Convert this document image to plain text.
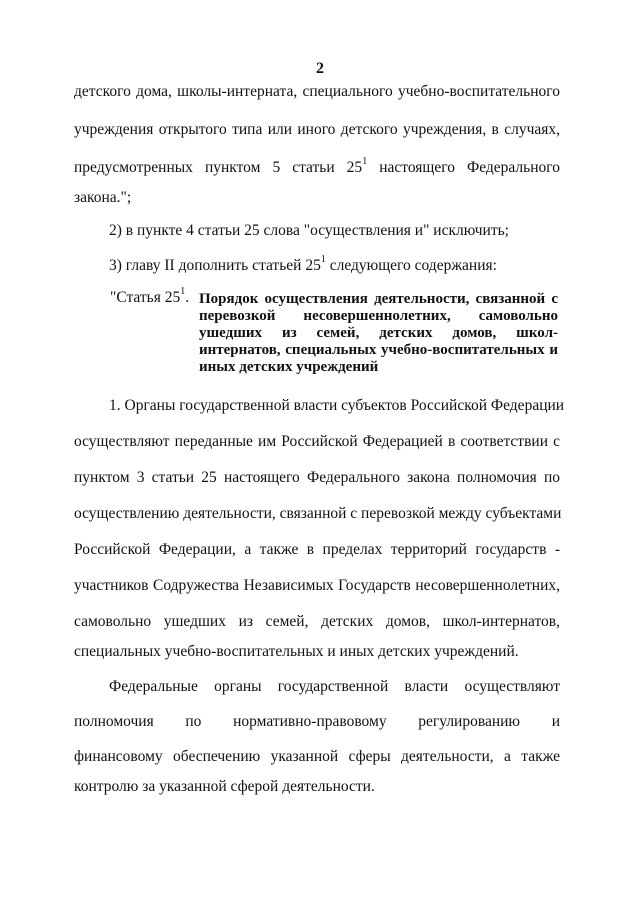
2
детского дома, школы-интерната, специального учебно-воспитательного
учреждения открытого типа или иного детского учреждения, в случаях,
предусмотренных пунктом 5 статьи $25^1$ настоящего Федерального
закона.";
2) в пункте 4 статьи 25 слова "осуществления и" исключить;
3) главу II дополнить статьей $25^1$ следующего содержания:
"Статья $25^1$. Порядок осуществления деятельности, связанной с
перевозкой несовершеннолетних, самовольно
ушедших из семей, детских домов, школ-
интернатов, специальных учебно-воспитательных и
иных детских учреждений
1. Органы государственной власти субъектов Российской Федерации
осуществляют переданные им Российской Федерацией в соответствии с
пунктом 3 статьи 25 настоящего Федерального закона полномочия по
осуществлению деятельности, связанной с перевозкой между субъектами
Российской Федерации, а также в пределах территорий государств -
участников Содружества Независимых Государств несовершеннолетних,
самовольно ушедших из семей, детских домов, школ-интернатов,
специальных учебно-воспитательных и иных детских учреждений.
Федеральные органы государственной власти осуществляют
полномочия по нормативно-правовому регулированию и
финансовому обеспечению указанной сферы деятельности, а также
контролю за указанной сферой деятельности.
